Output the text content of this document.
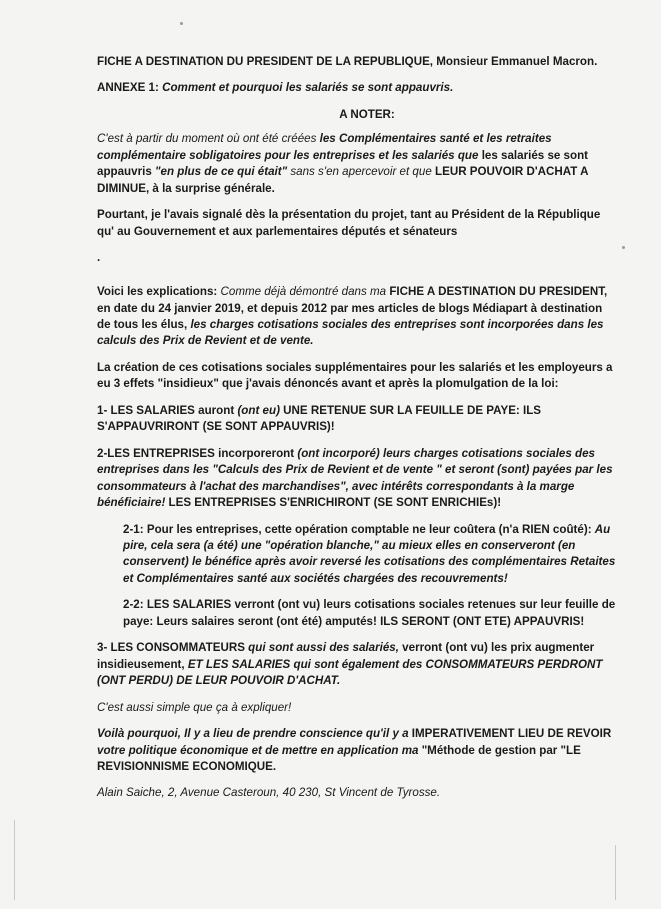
FICHE A DESTINATION DU PRESIDENT DE LA REPUBLIQUE, Monsieur Emmanuel Macron.

ANNEXE 1: Comment et pourquoi les salariés se sont appauvris.

A NOTER:

C'est à partir du moment où ont été créées les Complémentaires santé et les retraites complémentaire sobligatoires pour les entreprises et les salariés que les salariés se sont appauvris "en plus de ce qui était" sans s'en apercevoir et que LEUR POUVOIR D'ACHAT A DIMINUE, à la surprise générale.

Pourtant, je l'avais signalé dès la présentation du projet, tant au Président de la République qu' au Gouvernement et aux parlementaires députés et sénateurs

.

Voici les explications: Comme déjà démontré dans ma FICHE A DESTINATION DU PRESIDENT, en date du 24 janvier 2019, et depuis 2012 par mes articles de blogs Médiapart à destination de tous les élus, les charges cotisations sociales des entreprises sont incorporées dans les calculs des Prix de Revient et de vente.

La création de ces cotisations sociales supplémentaires pour les salariés et les employeurs a eu 3 effets "insidieux" que j'avais dénoncés avant et après la plomulgation de la loi:

1- LES SALARIES auront (ont eu) UNE RETENUE SUR LA FEUILLE DE PAYE: ILS S'APPAUVRIRONT (SE SONT APPAUVRIS)!

2-LES ENTREPRISES incorporeront (ont incorporé) leurs charges cotisations sociales des entreprises dans les "Calculs des Prix de Revient et de vente " et seront (sont) payées par les consommateurs à l'achat des marchandises", avec intérêts correspondants à la marge bénéficiaire! LES ENTREPRISES S'ENRICHIRONT (SE SONT ENRICHIEs)!

2-1: Pour les entreprises, cette opération comptable ne leur coûtera (n'a RIEN coûté): Au pire, cela sera (a été) une "opération blanche," au mieux elles en conserveront (en conservent) le bénéfice après avoir reversé les cotisations des complémentaires Retaites et Complémentaires santé aux sociétés chargées des recouvrements!

2-2: LES SALARIES verront (ont vu) leurs cotisations sociales retenues sur leur feuille de paye: Leurs salaires seront (ont été) amputés! ILS SERONT (ONT ETE) APPAUVRIS!

3- LES CONSOMMATEURS qui sont aussi des salariés, verront (ont vu) les prix augmenter insidieusement, ET LES SALARIES qui sont également des CONSOMMATEURS PERDRONT (ONT PERDU) DE LEUR POUVOIR D'ACHAT.

C'est aussi simple que ça à expliquer!

Voilà pourquoi, Il y a lieu de prendre conscience qu'il y a IMPERATIVEMENT LIEU DE REVOIR votre politique économique et de mettre en application ma "Méthode de gestion par "LE REVISIONNISME ECONOMIQUE.

Alain Saiche, 2, Avenue Casteroun, 40 230, St Vincent de Tyrosse.
